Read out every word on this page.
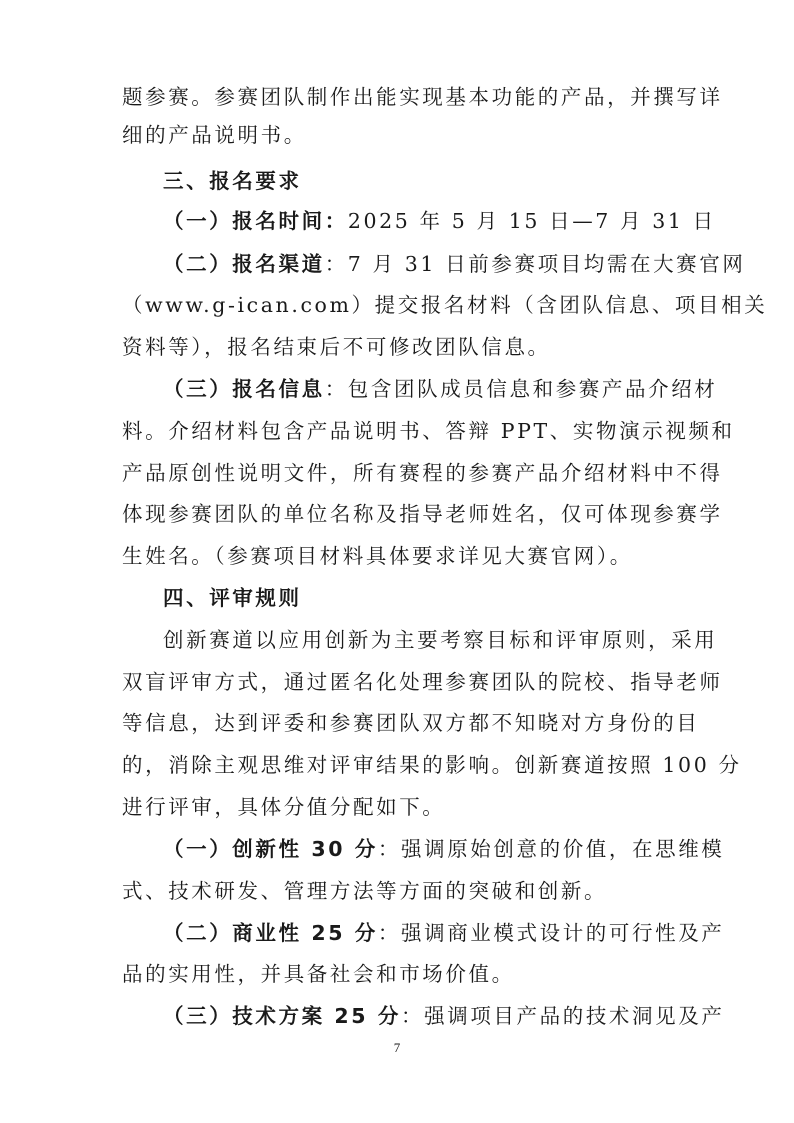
题参赛。参赛团队制作出能实现基本功能的产品，并撰写详
细的产品说明书。
三、报名要求
（一）报名时间：2025 年 5 月 15 日—7 月 31 日
（二）报名渠道：7 月 31 日前参赛项目均需在大赛官网
（www.g-ican.com）提交报名材料（含团队信息、项目相关
资料等），报名结束后不可修改团队信息。
（三）报名信息：包含团队成员信息和参赛产品介绍材
料。介绍材料包含产品说明书、答辩 PPT、实物演示视频和
产品原创性说明文件，所有赛程的参赛产品介绍材料中不得
体现参赛团队的单位名称及指导老师姓名，仅可体现参赛学
生姓名。（参赛项目材料具体要求详见大赛官网）。
四、评审规则
创新赛道以应用创新为主要考察目标和评审原则，采用
双盲评审方式，通过匿名化处理参赛团队的院校、指导老师
等信息，达到评委和参赛团队双方都不知晓对方身份的目
的，消除主观思维对评审结果的影响。创新赛道按照 100 分
进行评审，具体分值分配如下。
（一）创新性 30 分：强调原始创意的价值，在思维模
式、技术研发、管理方法等方面的突破和创新。
（二）商业性 25 分：强调商业模式设计的可行性及产
品的实用性，并具备社会和市场价值。
（三）技术方案 25 分：强调项目产品的技术洞见及产
7
